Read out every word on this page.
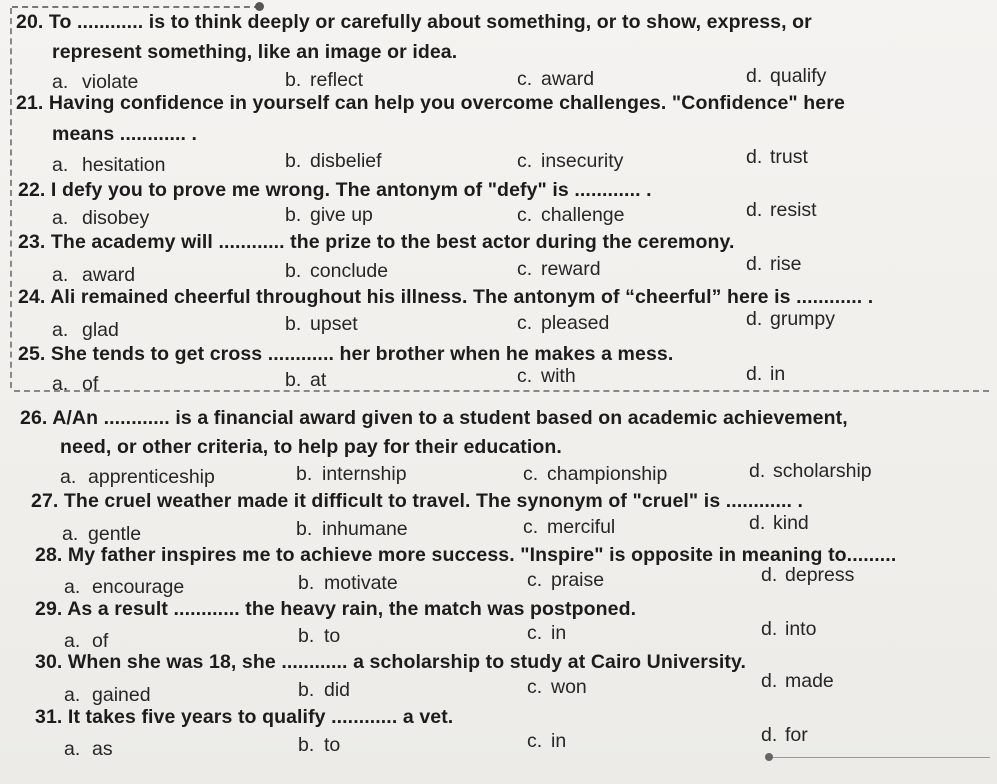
20. To ............ is to think deeply or carefully about something, or to show, express, or
represent something, like an image or idea.
violate
a.	b. reflect	c. award	d. qualify
21. Having confidence in yourself can help you overcome challenges. "Confidence" here
means ............ .
a. hesitation	b. disbelief	c. insecurity	d. trust
22. I defy you to prove me wrong. The antonym of "defy" is ............ .
a. disobey	b. give up	c. challenge	d. resist
23. The academy will ............ the prize to the best actor during the ceremony.
a. award	b. conclude	c. reward	d. rise
24. Ali remained cheerful throughout his illness. The antonym of “cheerful” here is ............ .
a. glad	b. upset	c. pleased	d. grumpy
25. She tends to get cross ............ her brother when he makes a mess.
a. of	b. at	c. with	d. in
26. A/An ............ is a financial award given to a student based on academic achievement,
need, or other criteria, to help pay for their education.
a. apprenticeship	b. internship	c. championship	d. scholarship
27. The cruel weather made it difficult to travel. The synonym of "cruel" is ............ .
a. gentle	b. inhumane	c. merciful	d. kind
28. My father inspires me to achieve more success. "Inspire" is opposite in meaning to.........
a. encourage	b. motivate	c. praise	d. depress
29. As a result ............ the heavy rain, the match was postponed.
a. of	b. to	c. in	d. into
30. When she was 18, she ............ a scholarship to study at Cairo University.
a. gained	b. did	c. won	d. made
31. It takes five years to qualify ............ a vet.
a. as	b. to	c. in	d. for
